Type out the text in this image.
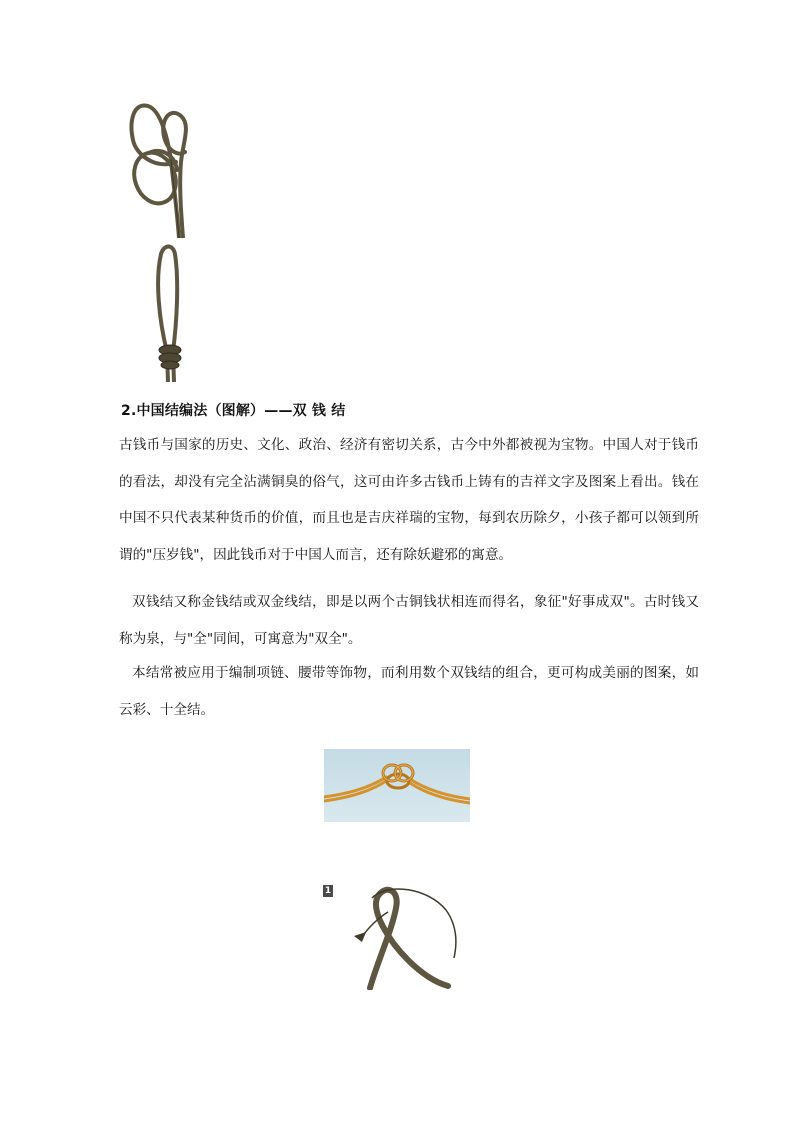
2.中国结编法（图解）——双 钱 结

古钱币与国家的历史、文化、政治、经济有密切关系，古今中外都被视为宝物。中国人对于钱币的看法，却没有完全沾满铜臭的俗气，这可由许多古钱币上铸有的吉祥文字及图案上看出。钱在中国不只代表某种货币的价值，而且也是吉庆祥瑞的宝物，每到农历除夕，小孩子都可以领到所谓的"压岁钱"，因此钱币对于中国人而言，还有除妖避邪的寓意。

双钱结又称金钱结或双金线结，即是以两个古铜钱状相连而得名，象征"好事成双"。古时钱又称为泉，与"全"同间，可寓意为"双全"。

本结常被应用于编制项链、腰带等饰物，而利用数个双钱结的组合，更可构成美丽的图案，如云彩、十全结。

1
